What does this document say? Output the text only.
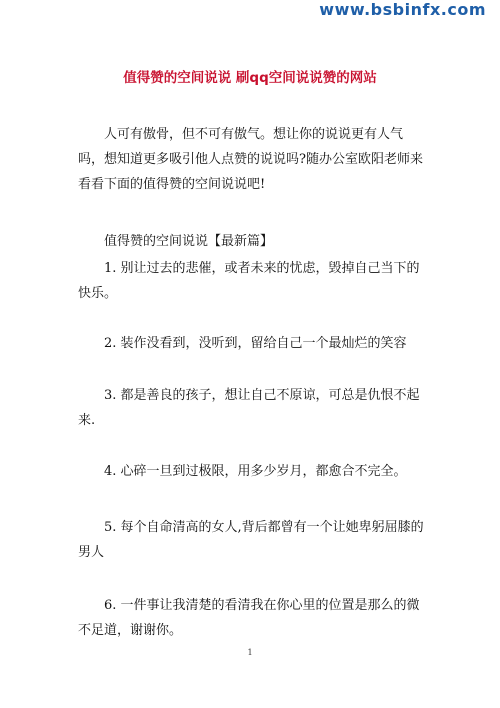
www.bsbinfx.com
值得赞的空间说说 刷qq空间说说赞的网站

人可有傲骨，但不可有傲气。想让你的说说更有人气吗，想知道更多吸引他人点赞的说说吗?随办公室欧阳老师来看看下面的值得赞的空间说说吧!

值得赞的空间说说【最新篇】

1. 别让过去的悲催，或者未来的忧虑，毁掉自己当下的快乐。

2. 装作没看到，没听到，留给自己一个最灿烂的笑容

3. 都是善良的孩子，想让自己不原谅，可总是仇恨不起来.

4. 心碎一旦到过极限，用多少岁月，都愈合不完全。

5. 每个自命清高的女人,背后都曾有一个让她卑躬屈膝的男人

6. 一件事让我清楚的看清我在你心里的位置是那么的微不足道，谢谢你。

1
